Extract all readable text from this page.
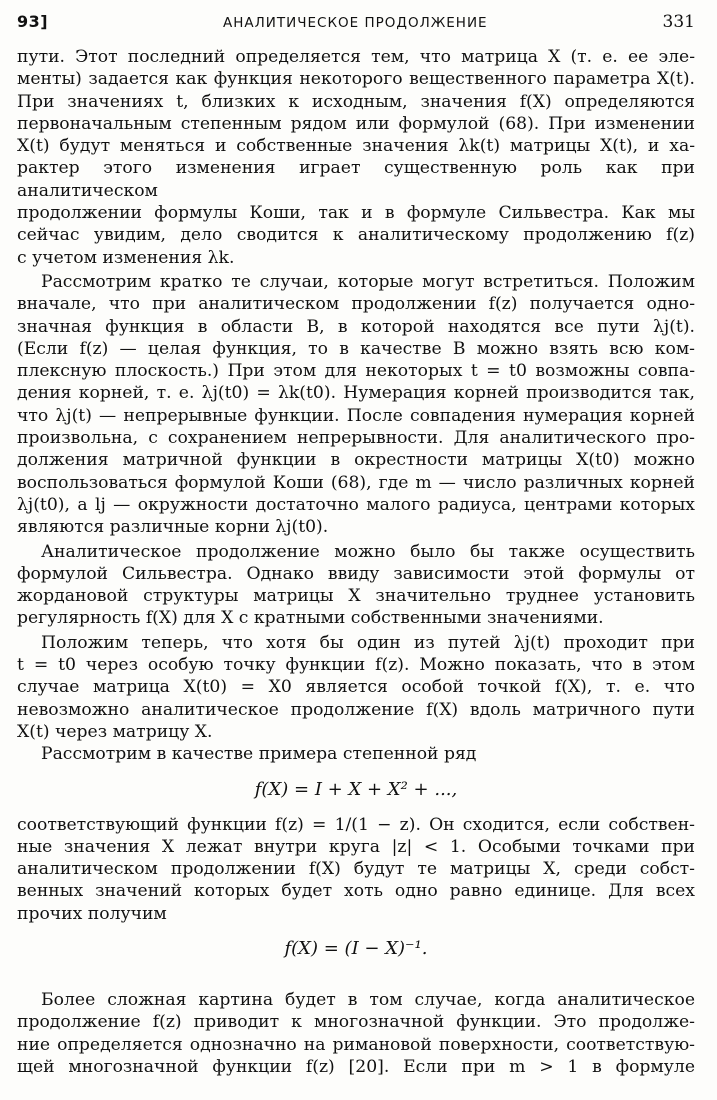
93]	АНАЛИТИЧЕСКОЕ ПРОДОЛЖЕНИЕ	331

пути. Этот последний определяется тем, что матрица X (т. е. ее эле-
менты) задается как функция некоторого вещественного параметра X(t).
При значениях t, близких к исходным, значения f(X) определяются
первоначальным степенным рядом или формулой (68). При изменении
X(t) будут меняться и собственные значения λk(t) матрицы X(t), и ха-
рактер этого изменения играет существенную роль как при аналитическом
продолжении формулы Коши, так и в формуле Сильвестра. Как мы
сейчас увидим, дело сводится к аналитическому продолжению f(z)
с учетом изменения λk.

Рассмотрим кратко те случаи, которые могут встретиться. Положим
вначале, что при аналитическом продолжении f(z) получается одно-
значная функция в области B, в которой находятся все пути λj(t).
(Если f(z) — целая функция, то в качестве B можно взять всю ком-
плексную плоскость.) При этом для некоторых t = t0 возможны совпа-
дения корней, т. е. λj(t0) = λk(t0). Нумерация корней производится так,
что λj(t) — непрерывные функции. После совпадения нумерация корней
произвольна, с сохранением непрерывности. Для аналитического про-
должения матричной функции в окрестности матрицы X(t0) можно
воспользоваться формулой Коши (68), где m — число различных корней
λj(t0), а lj — окружности достаточно малого радиуса, центрами которых
являются различные корни λj(t0).

Аналитическое продолжение можно было бы также осуществить
формулой Сильвестра. Однако ввиду зависимости этой формулы от
жордановой структуры матрицы X значительно труднее установить
регулярность f(X) для X с кратными собственными значениями.

Положим теперь, что хотя бы один из путей λj(t) проходит при
t = t0 через особую точку функции f(z). Можно показать, что в этом
случае матрица X(t0) = X0 является особой точкой f(X), т. е. что
невозможно аналитическое продолжение f(X) вдоль матричного пути
X(t) через матрицу X.

Рассмотрим в качестве примера степенной ряд

f(X) = I + X + X² + ...,

соответствующий функции f(z) = 1/(1 − z). Он сходится, если собствен-
ные значения X лежат внутри круга |z| < 1. Особыми точками при
аналитическом продолжении f(X) будут те матрицы X, среди собст-
венных значений которых будет хоть одно равно единице. Для всех
прочих получим

f(X) = (I − X)⁻¹.

Более сложная картина будет в том случае, когда аналитическое
продолжение f(z) приводит к многозначной функции. Это продолже-
ние определяется однозначно на римановой поверхности, соответствую-
щей многозначной функции f(z) [20]. Если при m > 1 в формуле
